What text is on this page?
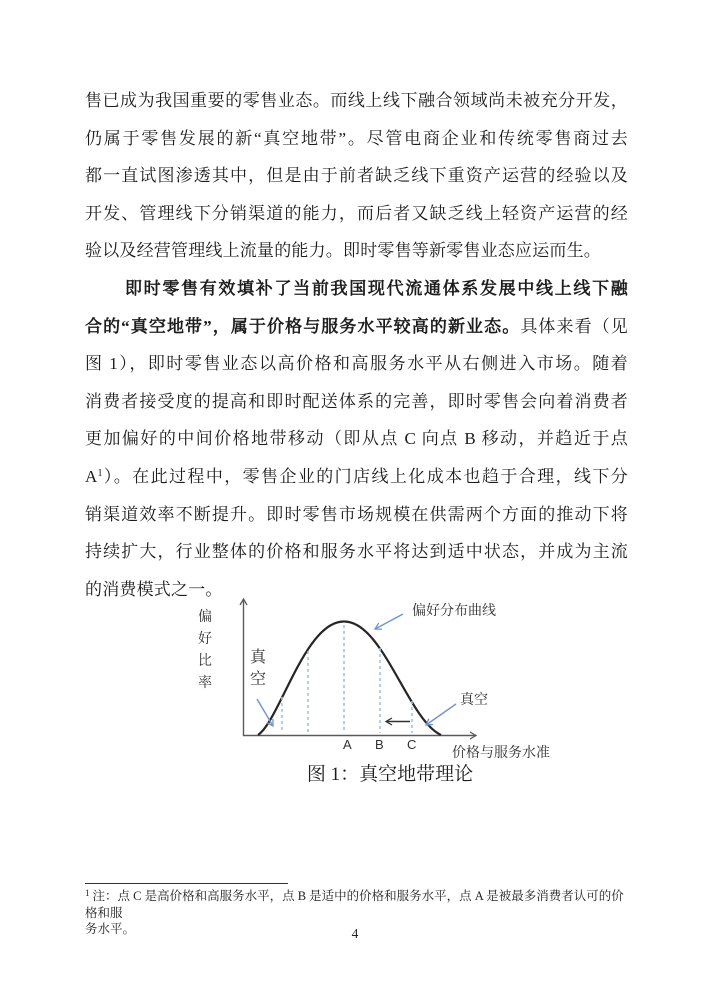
售已成为我国重要的零售业态。而线上线下融合领域尚未被充分开发，
仍属于零售发展的新“真空地带”。尽管电商企业和传统零售商过去
都一直试图渗透其中，但是由于前者缺乏线下重资产运营的经验以及
开发、管理线下分销渠道的能力，而后者又缺乏线上轻资产运营的经
验以及经营管理线上流量的能力。即时零售等新零售业态应运而生。
即时零售有效填补了当前我国现代流通体系发展中线上线下融
合的“真空地带”，属于价格与服务水平较高的新业态。具体来看（见
图 1），即时零售业态以高价格和高服务水平从右侧进入市场。随着
消费者接受度的提高和即时配送体系的完善，即时零售会向着消费者
更加偏好的中间价格地带移动（即从点 C 向点 B 移动，并趋近于点
$A^1$）。在此过程中，零售企业的门店线上化成本也趋于合理，线下分
销渠道效率不断提升。即时零售市场规模在供需两个方面的推动下将
持续扩大，行业整体的价格和服务水平将达到适中状态，并成为主流
的消费模式之一。
偏好比率
真空
偏好分布曲线
真空
A B C	价格与服务水准
图 1：真空地带理论
$^1$ 注：点 C 是高价格和高服务水平，点 B 是适中的价格和服务水平，点 A 是被最多消费者认可的价格和服
务水平。	4
